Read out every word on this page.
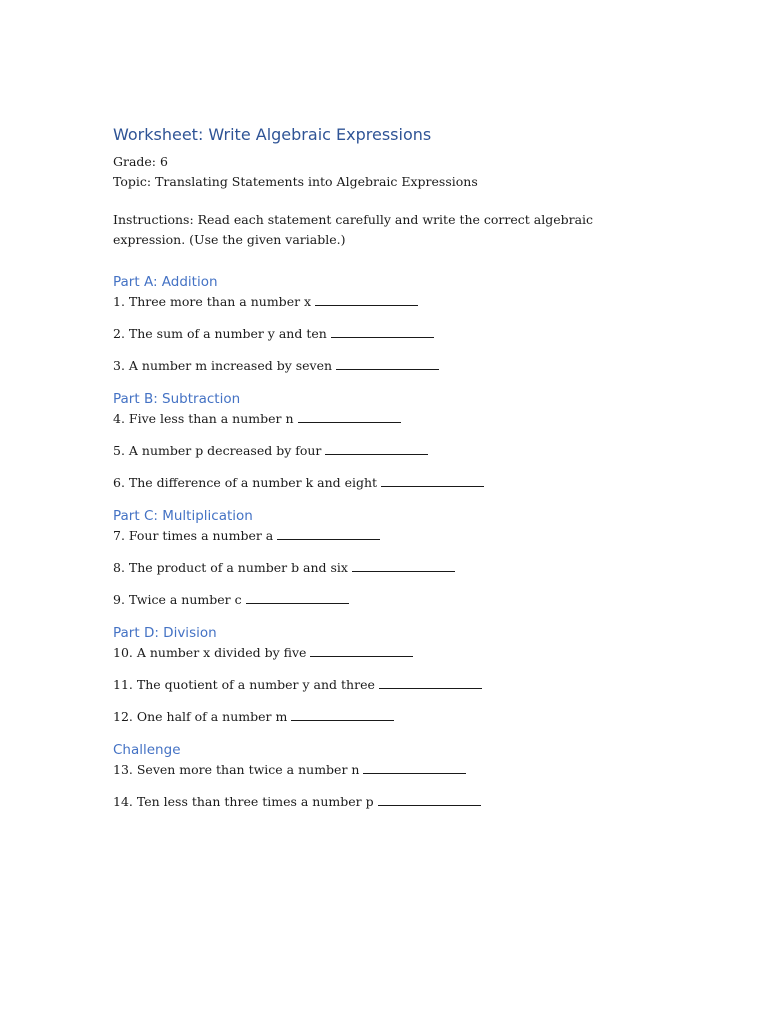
Worksheet: Write Algebraic Expressions

Grade: 6

Topic: Translating Statements into Algebraic Expressions

Instructions: Read each statement carefully and write the correct algebraic expression. (Use the given variable.)

Part A: Addition
1. Three more than a number x
2. The sum of a number y and ten
3. A number m increased by seven
Part B: Subtraction
4. Five less than a number n
5. A number p decreased by four
6. The difference of a number k and eight
Part C: Multiplication
7. Four times a number a
8. The product of a number b and six
9. Twice a number c
Part D: Division
10. A number x divided by five
11. The quotient of a number y and three
12. One half of a number m
Challenge
13. Seven more than twice a number n
14. Ten less than three times a number p
